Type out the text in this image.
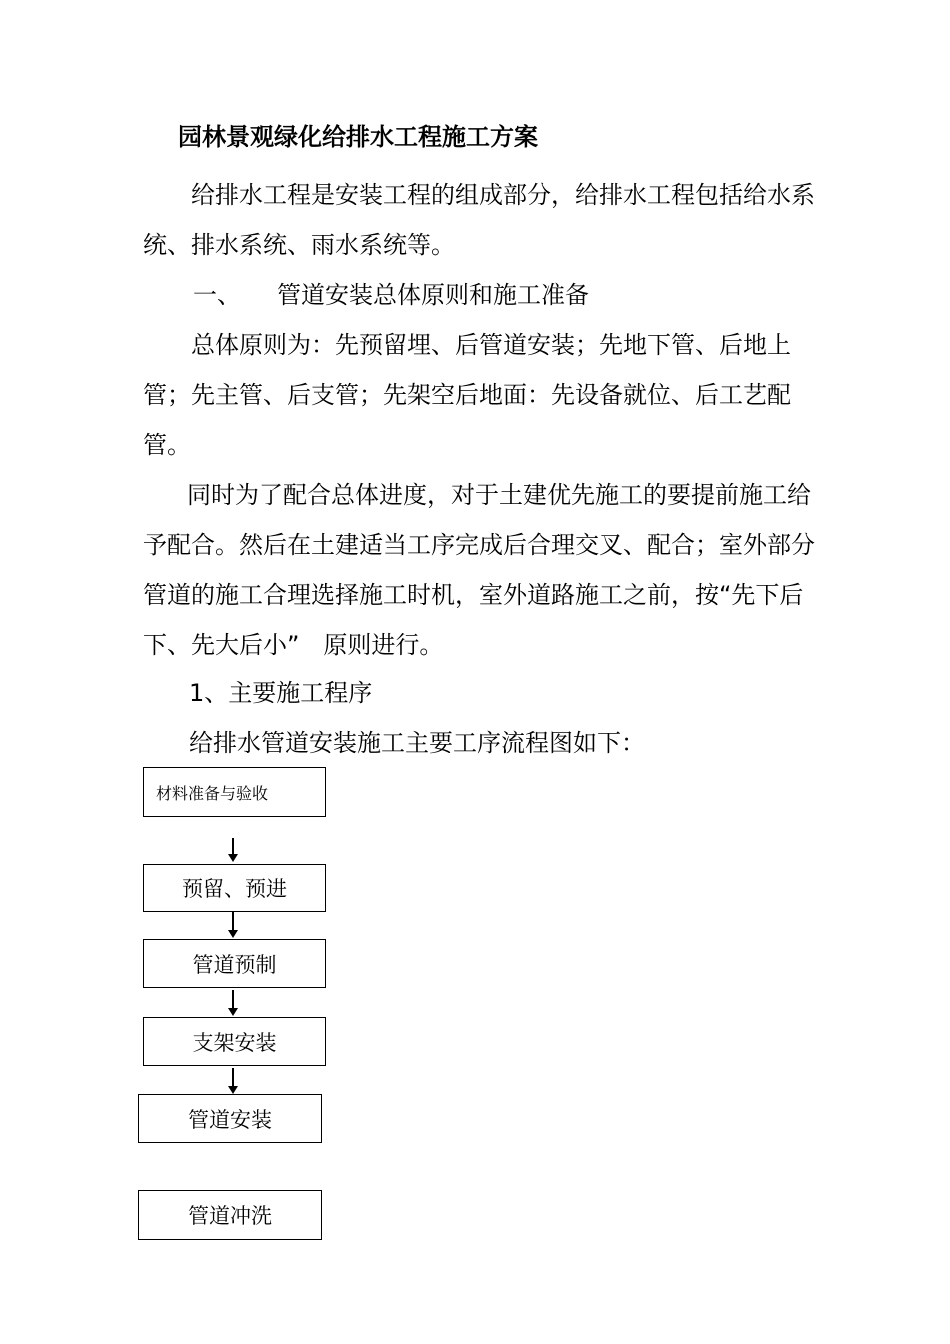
园林景观绿化给排水工程施工方案

给排水工程是安装工程的组成部分，给排水工程包括给水系统、排水系统、雨水系统等。

一、 管道安装总体原则和施工准备

总体原则为：先预留埋、后管道安装；先地下管、后地上管；先主管、后支管；先架空后地面：先设备就位、后工艺配管。

同时为了配合总体进度，对于土建优先施工的要提前施工给予配合。然后在土建适当工序完成后合理交叉、配合；室外部分管道的施工合理选择施工时机，室外道路施工之前，按“先下后下、先大后小”　原则进行。

1、主要施工程序
给排水管道安装施工主要工序流程图如下：
材料准备与验收
预留、预进
管道预制
支架安装
管道安装
管道冲洗
